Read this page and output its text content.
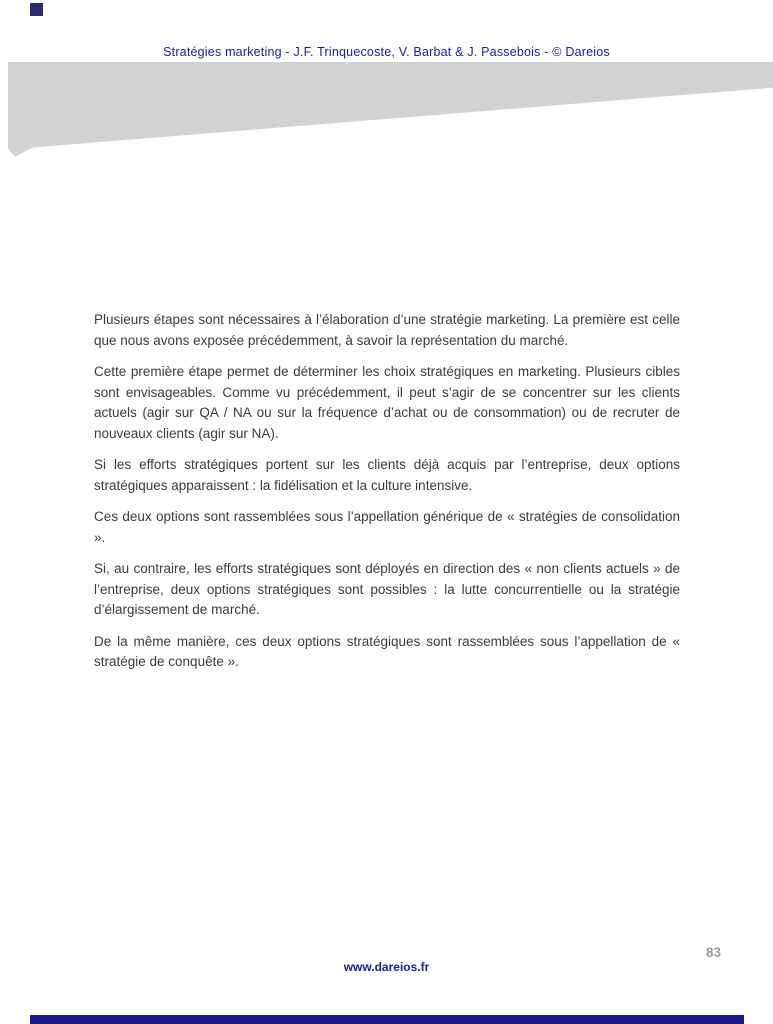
Stratégies marketing - J.F. Trinquecoste, V. Barbat & J. Passebois - © Dareios

Plusieurs étapes sont nécessaires à l’élaboration d’une stratégie marketing. La première est celle que nous avons exposée précédemment, à savoir la représentation du marché.

Cette première étape permet de déterminer les choix stratégiques en marketing. Plusieurs cibles sont envisageables. Comme vu précédemment, il peut s’agir de se concentrer sur les clients actuels (agir sur QA / NA ou sur la fréquence d’achat ou de consommation) ou de recruter de nouveaux clients (agir sur NA).

Si les efforts stratégiques portent sur les clients déjà acquis par l’entreprise, deux options stratégiques apparaissent : la fidélisation et la culture intensive.

Ces deux options sont rassemblées sous l’appellation générique de « stratégies de consolidation ».

Si, au contraire, les efforts stratégiques sont déployés en direction des « non clients actuels » de l’entreprise, deux options stratégiques sont possibles : la lutte concurrentielle ou la stratégie d’élargissement de marché.

De la même manière, ces deux options stratégiques sont rassemblées sous l’appellation de « stratégie de conquête ».

www.dareios.fr
83
